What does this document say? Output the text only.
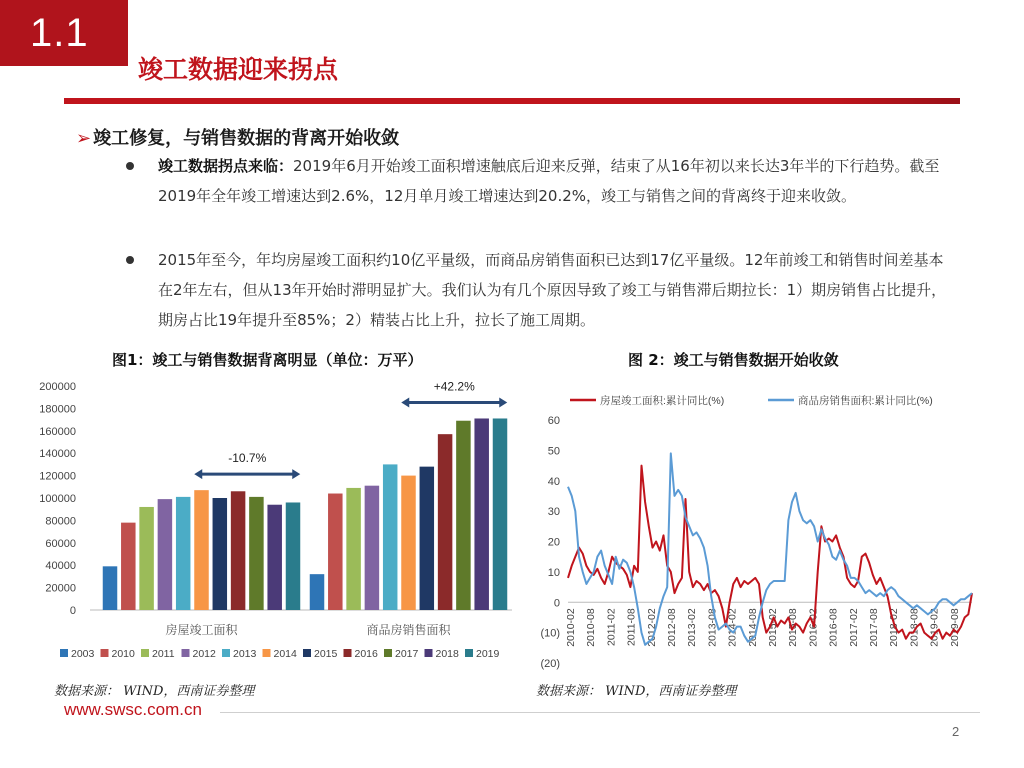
1.1
竣工数据迎来拐点
➢ 竣工修复，与销售数据的背离开始收敛
竣工数据拐点来临：2019年6月开始竣工面积增速触底后迎来反弹，结束了从16年初以来长达3年半的下行趋势。截至2019年全年竣工增速达到2.6%，12月单月竣工增速达到20.2%，竣工与销售之间的背离终于迎来收敛。
2015年至今，年均房屋竣工面积约10亿平量级，而商品房销售面积已达到17亿平量级。12年前竣工和销售时间差基本在2年左右，但从13年开始时滞明显扩大。我们认为有几个原因导致了竣工与销售滞后期拉长：1）期房销售占比提升，期房占比19年提升至85%；2）精装占比上升，拉长了施工周期。
图1：竣工与销售数据背离明显（单位：万平）	图 2：竣工与销售数据开始收敛
0
20000
40000
60000
80000
100000
120000
140000
160000
180000
200000
房屋竣工面积	商品房销售面积
-10.7%
+42.2%
2003 2010 2011 2012 2013 2014 2015 2016 2017 2018 2019
(20)
(10)
0
10
20
30
40
50
60
2010-02 2010-08 2011-02 2011-08 2012-02 2012-08 2013-02 2013-08 2014-02 2014-08 2015-02 2015-08 2016-02 2016-08 2017-02 2017-08 2018-02 2018-08 2019-02 2019-08
房屋竣工面积:累计同比(%)	商品房销售面积:累计同比(%)
数据来源： WIND，西南证券整理	数据来源： WIND，西南证券整理
www.swsc.com.cn
2
